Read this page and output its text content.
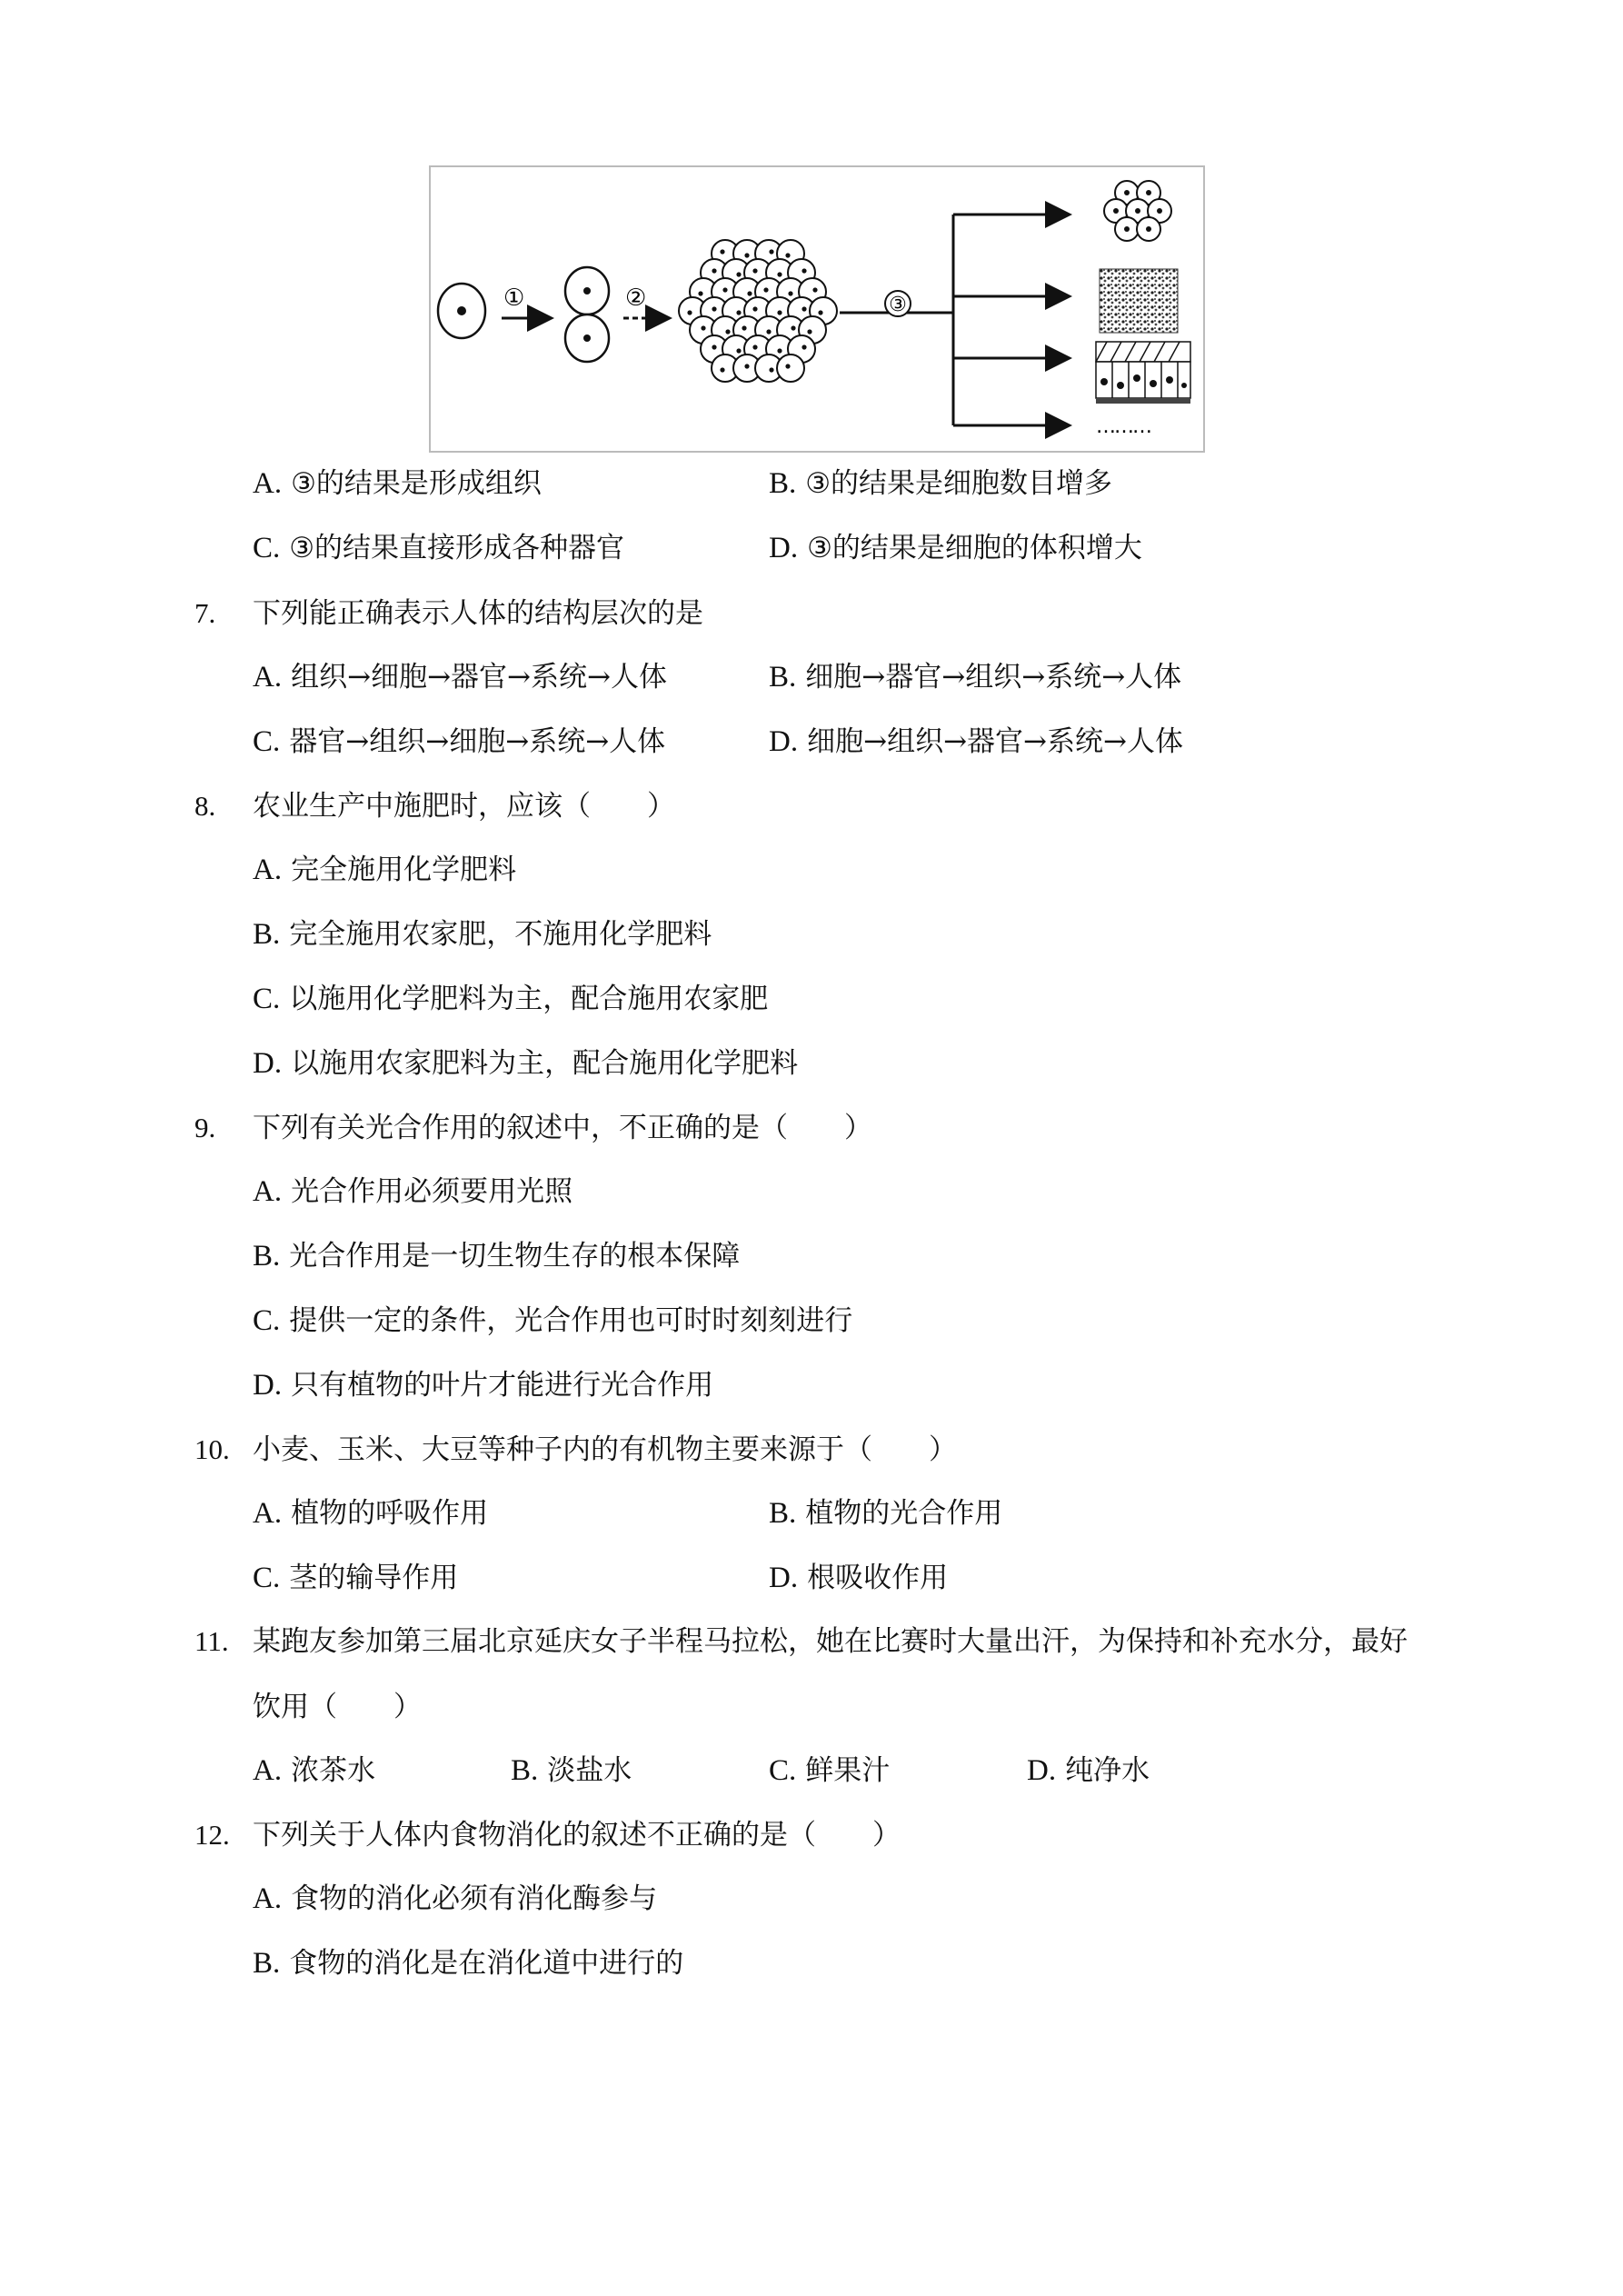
①	②	③
………
A. ③的结果是形成组织	B. ③的结果是细胞数目增多
C. ③的结果直接形成各种器官	D. ③的结果是细胞的体积增大
7. 下列能正确表示人体的结构层次的是
A. 组织→细胞→器官→系统→人体	B. 细胞→器官→组织→系统→人体
C. 器官→组织→细胞→系统→人体	D. 细胞→组织→器官→系统→人体
8. 农业生产中施肥时，应该（　　）
A. 完全施用化学肥料
B. 完全施用农家肥，不施用化学肥料
C. 以施用化学肥料为主，配合施用农家肥
D. 以施用农家肥料为主，配合施用化学肥料
9. 下列有关光合作用的叙述中，不正确的是（　　）
A. 光合作用必须要用光照
B. 光合作用是一切生物生存的根本保障
C. 提供一定的条件，光合作用也可时时刻刻进行
D. 只有植物的叶片才能进行光合作用
10. 小麦、玉米、大豆等种子内的有机物主要来源于（　　）
A. 植物的呼吸作用	B. 植物的光合作用
C. 茎的输导作用	D. 根吸收作用
11. 某跑友参加第三届北京延庆女子半程马拉松，她在比赛时大量出汗，为保持和补充水分，最好
饮用（　　）
A. 浓茶水	B. 淡盐水	C. 鲜果汁	D. 纯净水
12. 下列关于人体内食物消化的叙述不正确的是（　　）
A. 食物的消化必须有消化酶参与
B. 食物的消化是在消化道中进行的
